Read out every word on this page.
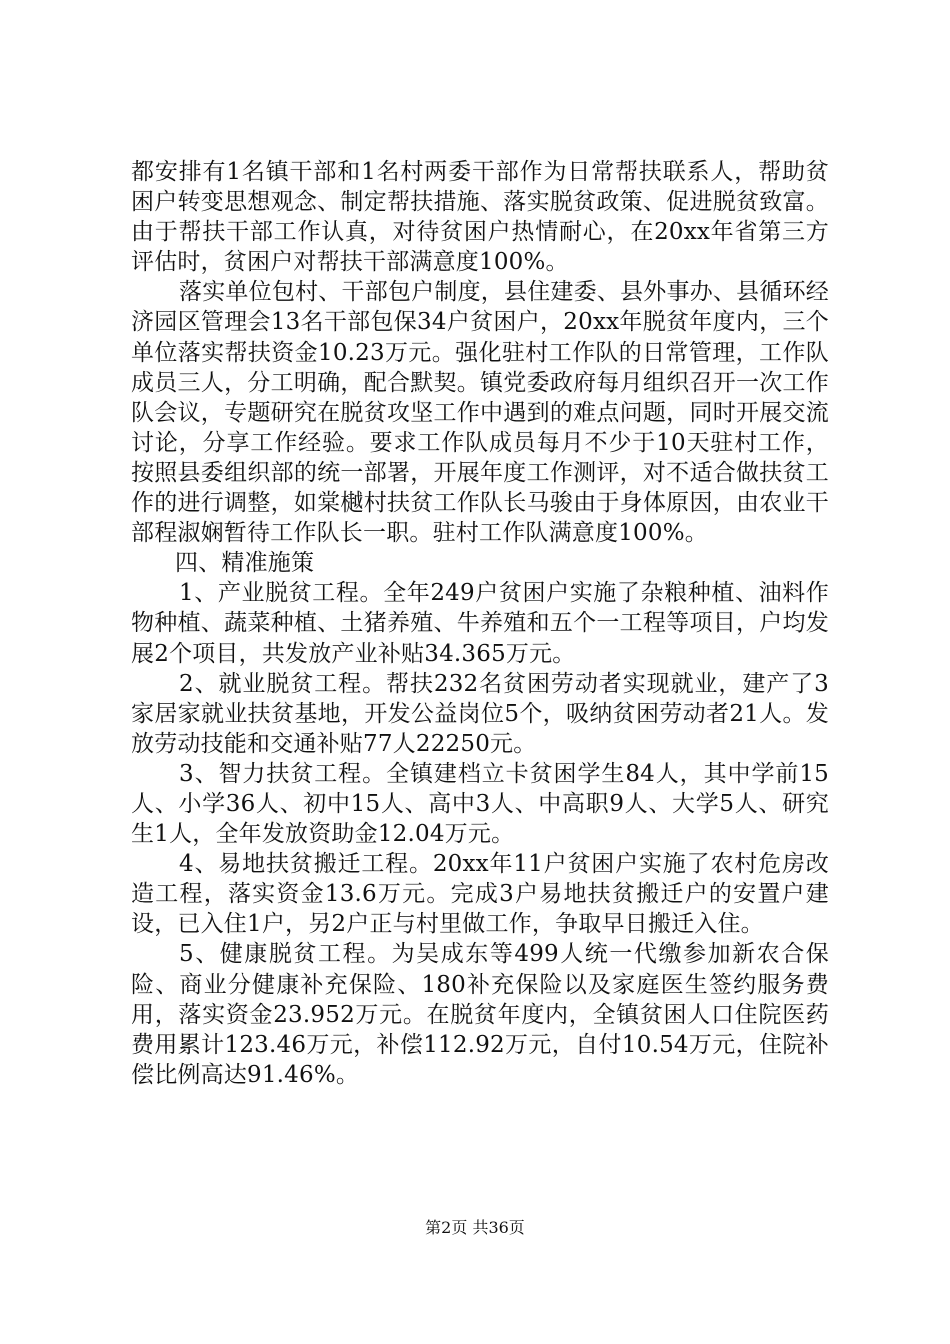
都安排有1名镇干部和1名村两委干部作为日常帮扶联系人，帮助贫困户转变思想观念、制定帮扶措施、落实脱贫政策、促进脱贫致富。由于帮扶干部工作认真，对待贫困户热情耐心，在20xx年省第三方评估时，贫困户对帮扶干部满意度100%。

落实单位包村、干部包户制度，县住建委、县外事办、县循环经济园区管理会13名干部包保34户贫困户，20xx年脱贫年度内，三个单位落实帮扶资金10.23万元。强化驻村工作队的日常管理，工作队成员三人，分工明确，配合默契。镇党委政府每月组织召开一次工作队会议，专题研究在脱贫攻坚工作中遇到的难点问题，同时开展交流讨论，分享工作经验。要求工作队成员每月不少于10天驻村工作，按照县委组织部的统一部署，开展年度工作测评，对不适合做扶贫工作的进行调整，如棠樾村扶贫工作队长马骏由于身体原因，由农业干部程淑娴暂待工作队长一职。驻村工作队满意度100%。

四、精准施策

1、产业脱贫工程。全年249户贫困户实施了杂粮种植、油料作物种植、蔬菜种植、土猪养殖、牛养殖和五个一工程等项目，户均发展2个项目，共发放产业补贴34.365万元。

2、就业脱贫工程。帮扶232名贫困劳动者实现就业，建产了3家居家就业扶贫基地，开发公益岗位5个，吸纳贫困劳动者21人。发放劳动技能和交通补贴77人22250元。

3、智力扶贫工程。全镇建档立卡贫困学生84人，其中学前15人、小学36人、初中15人、高中3人、中高职9人、大学5人、研究生1人，全年发放资助金12.04万元。

4、易地扶贫搬迁工程。20xx年11户贫困户实施了农村危房改造工程，落实资金13.6万元。完成3户易地扶贫搬迁户的安置户建设，已入住1户，另2户正与村里做工作，争取早日搬迁入住。

5、健康脱贫工程。为吴成东等499人统一代缴参加新农合保险、商业分健康补充保险、180补充保险以及家庭医生签约服务费用，落实资金23.952万元。在脱贫年度内，全镇贫困人口住院医药费用累计123.46万元，补偿112.92万元，自付10.54万元，住院补偿比例高达91.46%。

第2页 共36页
